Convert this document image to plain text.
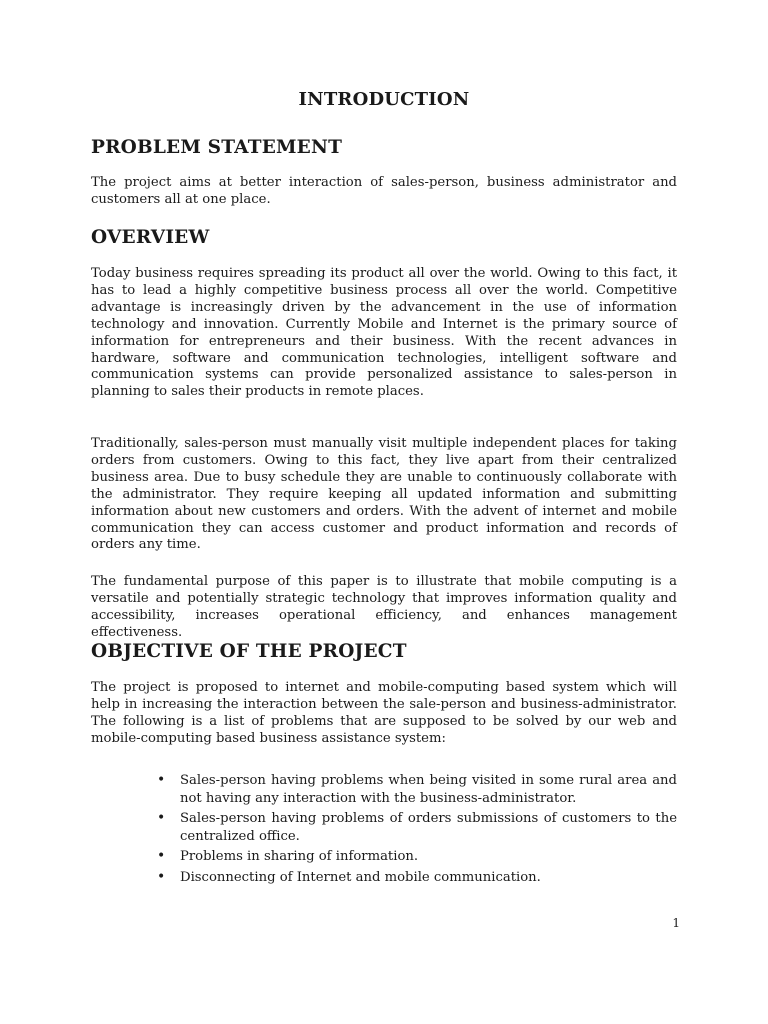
INTRODUCTION
PROBLEM STATEMENT

The project aims at better interaction of sales-person, business administrator and customers all at one place.

OVERVIEW

Today business requires spreading its product all over the world. Owing to this fact, it has to lead a highly competitive business process all over the world. Competitive advantage is increasingly driven by the advancement in the use of information technology and innovation. Currently Mobile and Internet is the primary source of information for entrepreneurs and their business. With the recent advances in hardware, software and communication technologies, intelligent software and communication systems can provide personalized assistance to sales-person in planning to sales their products in remote places.

Traditionally, sales-person must manually visit multiple independent places for taking orders from customers. Owing to this fact, they live apart from their centralized business area. Due to busy schedule they are unable to continuously collaborate with the administrator. They require keeping all updated information and submitting information about new customers and orders. With the advent of internet and mobile communication they can access customer and product information and records of orders any time.

The fundamental purpose of this paper is to illustrate that mobile computing is a versatile and potentially strategic technology that improves information quality and accessibility, increases operational efficiency, and enhances management effectiveness.

OBJECTIVE OF THE PROJECT

The project is proposed to internet and mobile-computing based system which will help in increasing the interaction between the sale-person and business-administrator. The following is a list of problems that are supposed to be solved by our web and mobile-computing based business assistance system:

• Sales-person having problems when being visited in some rural area and not having any interaction with the business-administrator.
• Sales-person having problems of orders submissions of customers to the centralized office.
• Problems in sharing of information.
• Disconnecting of Internet and mobile communication.
1
